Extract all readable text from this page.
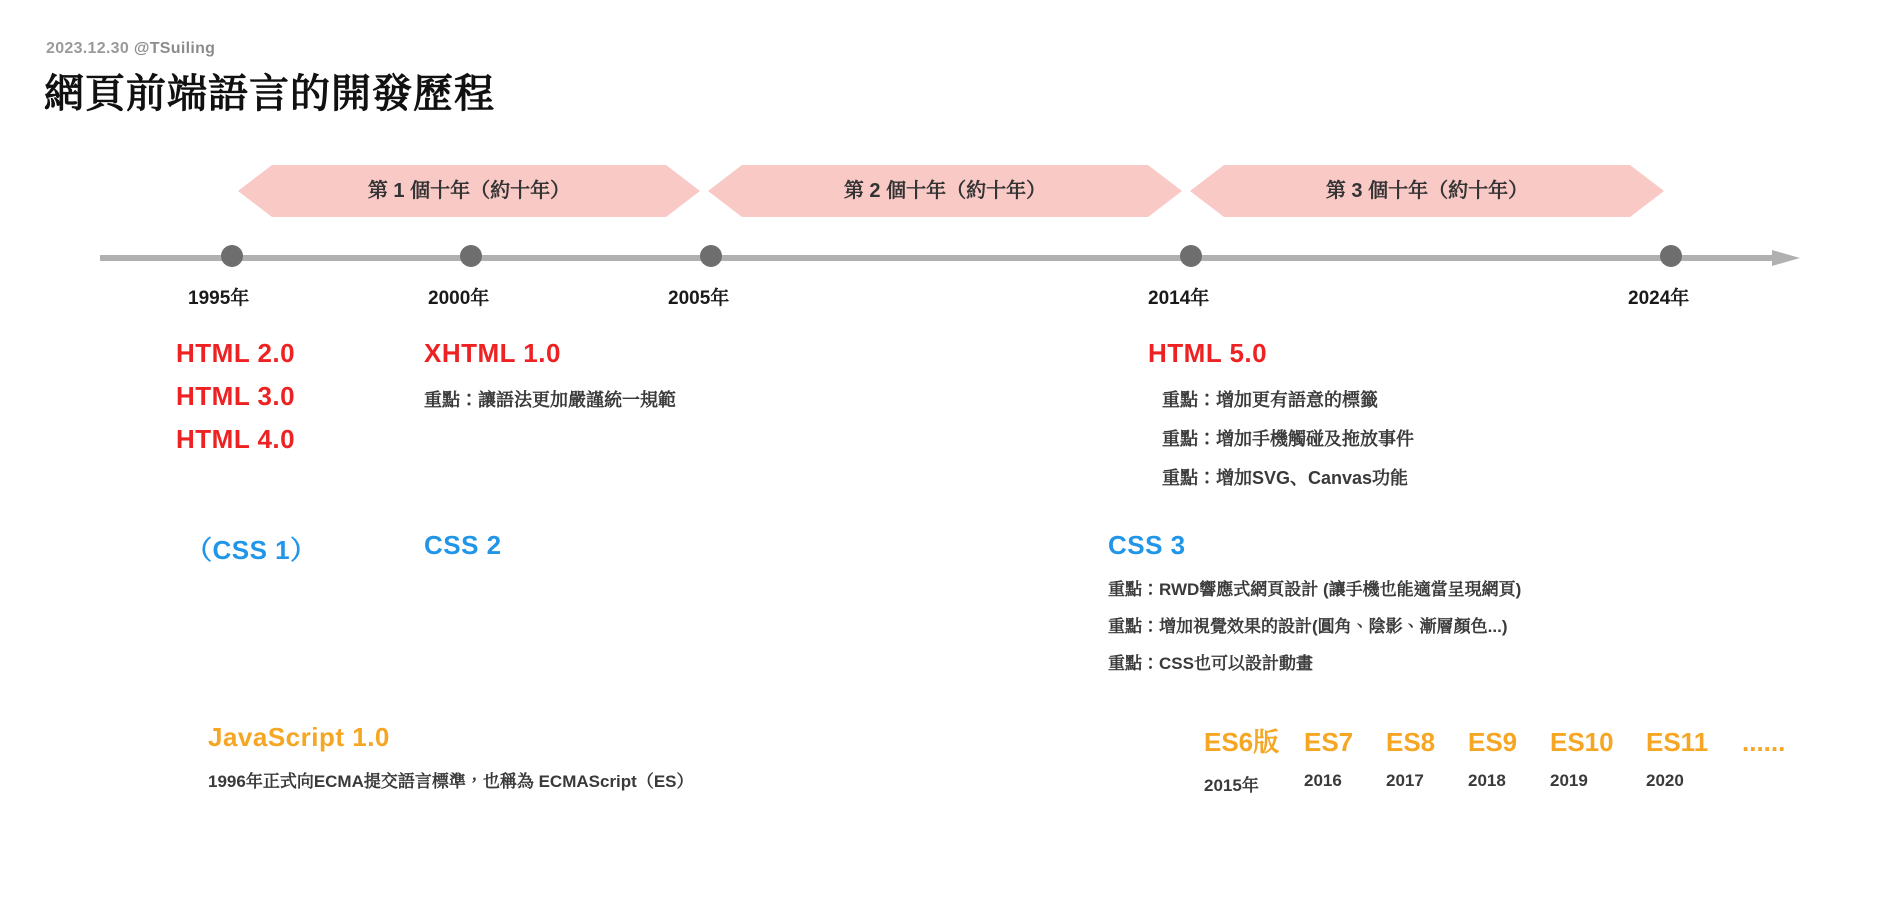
2023.12.30 @TSuiling
網頁前端語言的開發歷程
第 1 個十年（約十年）	第 2 個十年（約十年）	第 3 個十年（約十年）
1995年	2000年	2005年	2014年	2024年
HTML 2.0
HTML 3.0
HTML 4.0
XHTML 1.0
重點：讓語法更加嚴謹統一規範
HTML 5.0
重點：增加更有語意的標籤
重點：增加手機觸碰及拖放事件
重點：增加SVG、Canvas功能
（CSS 1）	CSS 2	CSS 3
重點：RWD響應式網頁設計 (讓手機也能適當呈現網頁)
重點：增加視覺效果的設計(圓角、陰影、漸層顏色...)
重點：CSS也可以設計動畫
JavaScript 1.0
1996年正式向ECMA提交語言標準，也稱為 ECMAScript（ES）
ES6版 ES7	ES8	ES9	ES10	ES11	......
2015年	2016	2017	2018	2019	2020
